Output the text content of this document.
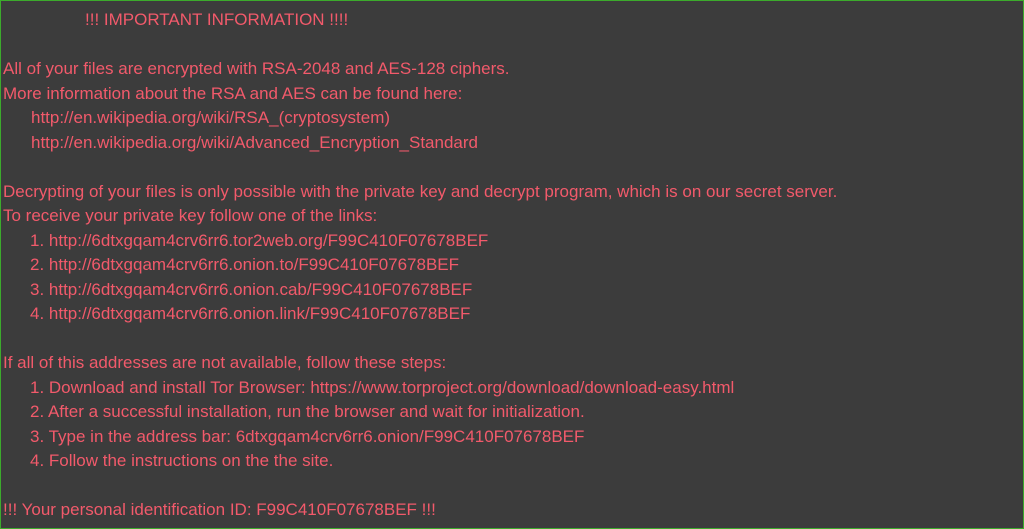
!!! IMPORTANT INFORMATION !!!!
All of your files are encrypted with RSA-2048 and AES-128 ciphers.
More information about the RSA and AES can be found here:
http://en.wikipedia.org/wiki/RSA_(cryptosystem)
http://en.wikipedia.org/wiki/Advanced_Encryption_Standard
Decrypting of your files is only possible with the private key and decrypt program, which is on our secret server.
To receive your private key follow one of the links:
1. http://6dtxgqam4crv6rr6.tor2web.org/F99C410F07678BEF
2. http://6dtxgqam4crv6rr6.onion.to/F99C410F07678BEF
3. http://6dtxgqam4crv6rr6.onion.cab/F99C410F07678BEF
4. http://6dtxgqam4crv6rr6.onion.link/F99C410F07678BEF
If all of this addresses are not available, follow these steps:
1. Download and install Tor Browser: https://www.torproject.org/download/download-easy.html
2. After a successful installation, run the browser and wait for initialization.
3. Type in the address bar: 6dtxgqam4crv6rr6.onion/F99C410F07678BEF
4. Follow the instructions on the the site.
!!! Your personal identification ID: F99C410F07678BEF !!!
